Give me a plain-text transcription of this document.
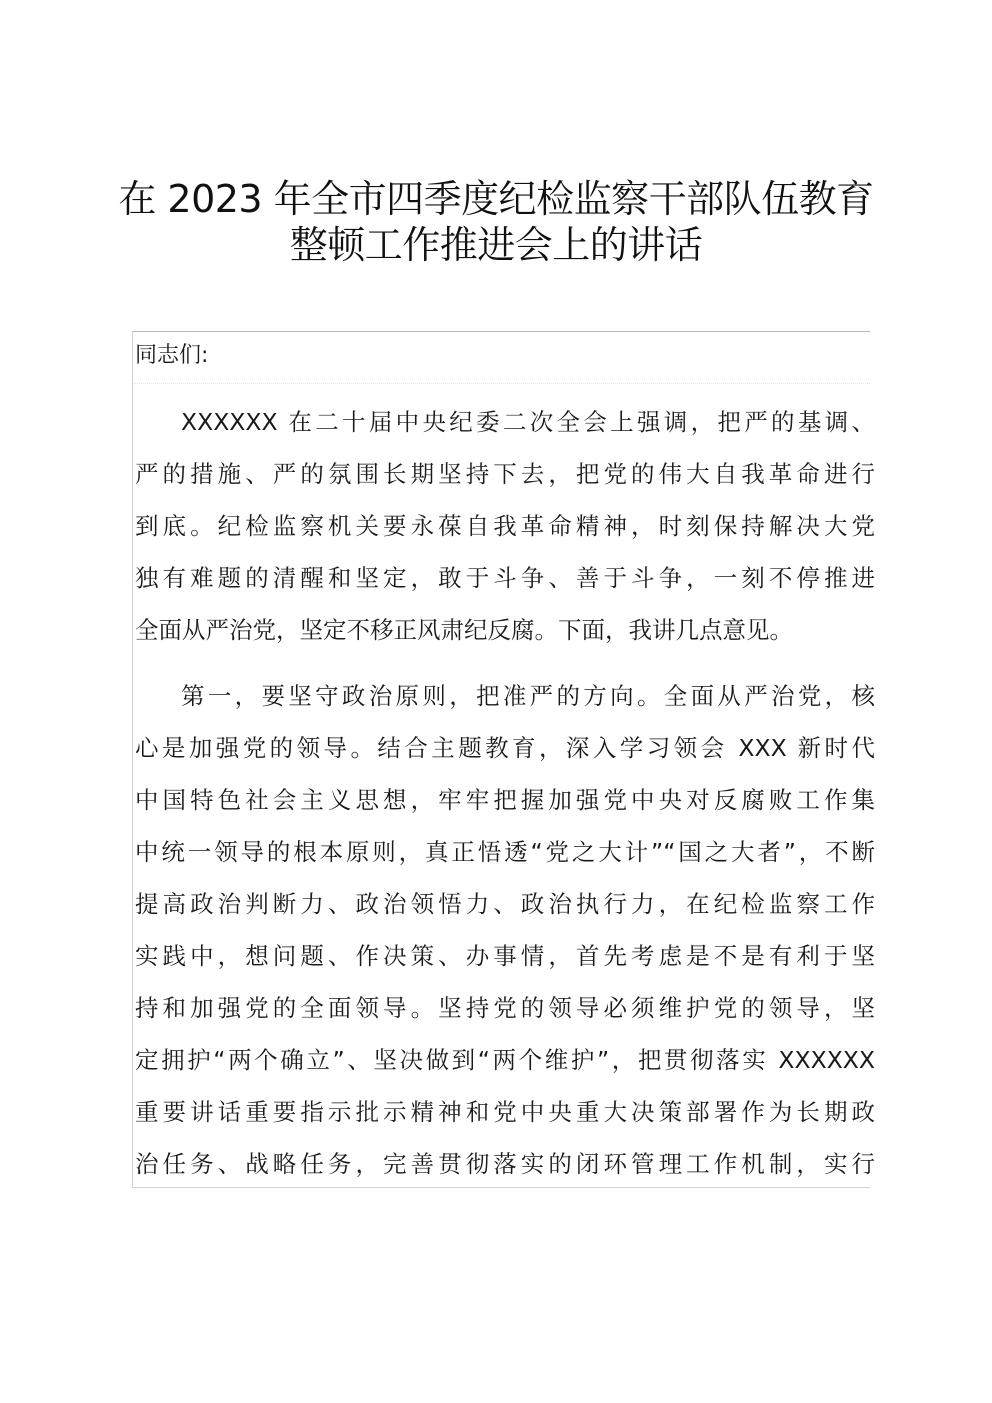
在 2023 年全市四季度纪检监察干部队伍教育
整顿工作推进会上的讲话
同志们:
XXXXXX 在二十届中央纪委二次全会上强调，把严的基调、
严的措施、严的氛围长期坚持下去，把党的伟大自我革命进行
到底。纪检监察机关要永葆自我革命精神，时刻保持解决大党
独有难题的清醒和坚定，敢于斗争、善于斗争，一刻不停推进
全面从严治党，坚定不移正风肃纪反腐。下面，我讲几点意见。
第一，要坚守政治原则，把准严的方向。全面从严治党，核
心是加强党的领导。结合主题教育，深入学习领会 XXX 新时代
中国特色社会主义思想，牢牢把握加强党中央对反腐败工作集
中统一领导的根本原则，真正悟透“党之大计”“国之大者”，不断
提高政治判断力、政治领悟力、政治执行力，在纪检监察工作
实践中，想问题、作决策、办事情，首先考虑是不是有利于坚
持和加强党的全面领导。坚持党的领导必须维护党的领导，坚
定拥护“两个确立”、坚决做到“两个维护”，把贯彻落实 XXXXXX
重要讲话重要指示批示精神和党中央重大决策部署作为长期政
治任务、战略任务，完善贯彻落实的闭环管理工作机制，实行
